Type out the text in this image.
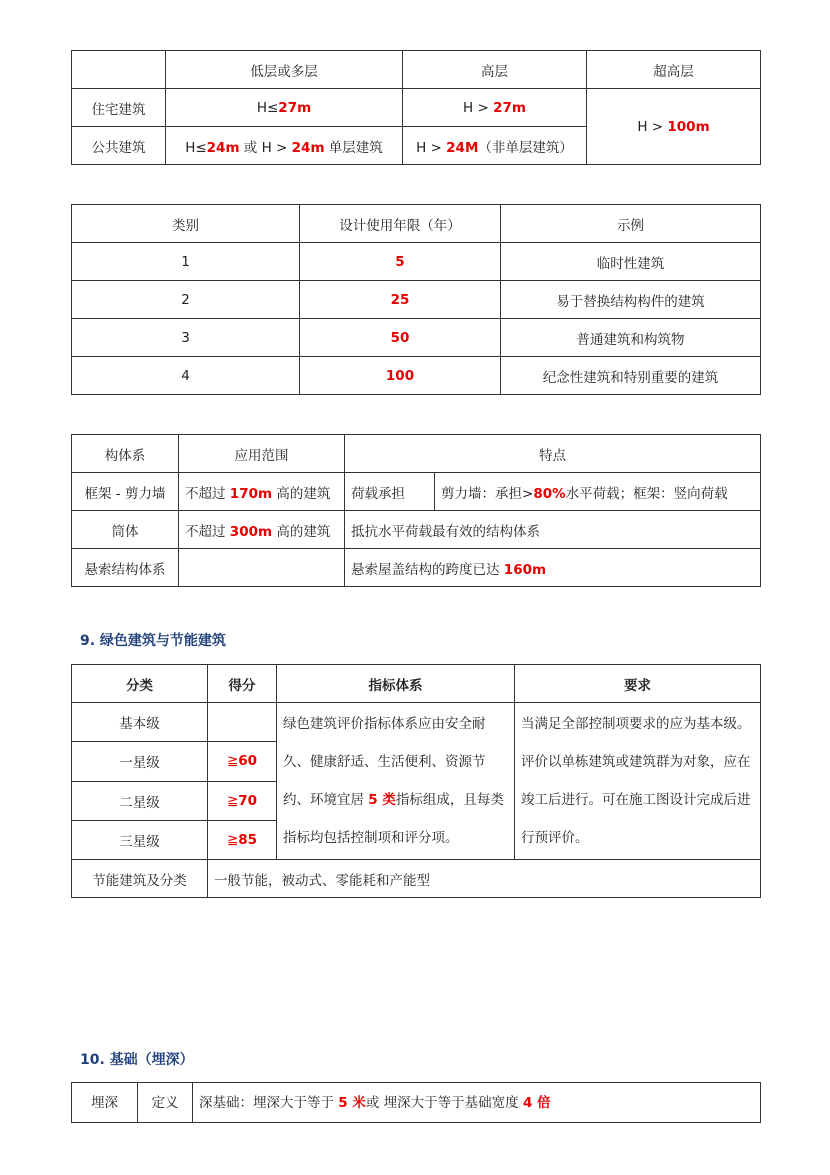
	低层或多层	高层	超高层
住宅建筑	H≤27m	H > 27m	H > 100m
公共建筑	H≤24m 或 H > 24m 单层建筑	H > 24M（非单层建筑）	
类别	设计使用年限（年）	示例
1	5	临时性建筑
2	25	易于替换结构构件的建筑
3	50	普通建筑和构筑物
4	100	纪念性建筑和特别重要的建筑
构体系	应用范围	特点	
框架 - 剪力墙	不超过 170m 高的建筑	荷载承担	剪力墙：承担>80%水平荷载；框架：竖向荷载
筒体	不超过 300m 高的建筑	抵抗水平荷载最有效的结构体系	
悬索结构体系		悬索屋盖结构的跨度已达 160m	
9. 绿色建筑与节能建筑
分类	得分	指标体系	要求
基本级		绿色建筑评价指标体系应由安全耐久、健康舒适、生活便利、资源节约、环境宜居 5 类指标组成，且每类指标均包括控制项和评分项。	当满足全部控制项要求的应为基本级。评价以单栋建筑或建筑群为对象，应在竣工后进行。可在施工图设计完成后进行预评价。
一星级	≧60		
二星级	≧70		
三星级	≧85		
节能建筑及分类	一般节能，被动式、零能耗和产能型		
10. 基础（埋深）
埋深	定义	深基础：埋深大于等于 5 米或 埋深大于等于基础宽度 4 倍
